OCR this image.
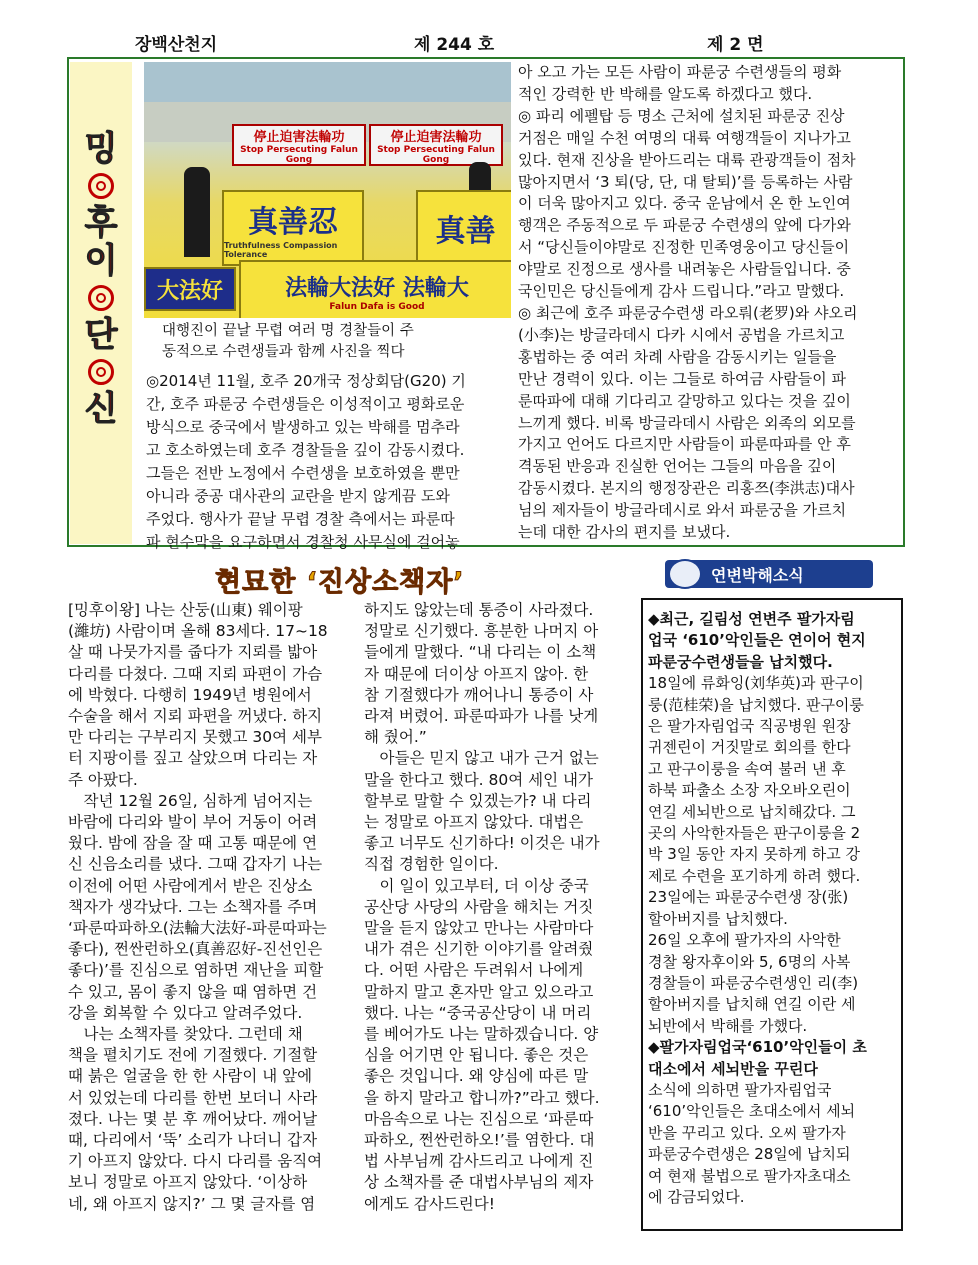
장백산천지	제 244 호	제 2 면
밍
후
이
단
신
停止迫害法輪功
Stop Persecuting Falun Gong
停止迫害法輪功
Stop Persecuting Falun Gong
真善忍
Truthfulness Compassion Tolerance
真善
大法好	法輪大法好 法輪大
Falun Dafa is Good
대행진이 끝날 무렵 여러 명 경찰들이 주
동적으로 수련생들과 함께 사진을 찍다

◎2014년 11월, 호주 20개국 정상회담(G20) 기

간, 호주 파룬궁 수련생들은 이성적이고 평화로운

방식으로 중국에서 발생하고 있는 박해를 멈추라

고 호소하였는데 호주 경찰들을 깊이 감동시켰다.

그들은 전반 노정에서 수련생을 보호하였을 뿐만

아니라 중공 대사관의 교란을 받지 않게끔 도와

주었다. 행사가 끝날 무렵 경찰 측에서는 파룬따

파 현수막을 요구하면서 경찰청 사무실에 걸어놓

아 오고 가는 모든 사람이 파룬궁 수련생들의 평화

적인 강력한 반 박해를 알도록 하겠다고 했다.

◎ 파리 에펠탑 등 명소 근처에 설치된 파룬궁 진상

거점은 매일 수천 여명의 대륙 여행객들이 지나가고

있다. 현재 진상을 받아드리는 대륙 관광객들이 점차

많아지면서 ‘3 퇴(당, 단, 대 탈퇴)’를 등록하는 사람

이 더욱 많아지고 있다. 중국 운남에서 온 한 노인여

행객은 주동적으로 두 파룬궁 수련생의 앞에 다가와

서 “당신들이야말로 진정한 민족영웅이고 당신들이

야말로 진정으로 생사를 내려놓은 사람들입니다. 중

국인민은 당신들에게 감사 드립니다.”라고 말했다.

◎ 최근에 호주 파룬궁수련생 라오뤄(老罗)와 샤오리

(小李)는 방글라데시 다카 시에서 공법을 가르치고

홍법하는 중 여러 차례 사람을 감동시키는 일들을

만난 경력이 있다. 이는 그들로 하여금 사람들이 파

룬따파에 대해 기다리고 갈망하고 있다는 것을 깊이

느끼게 했다. 비록 방글라데시 사람은 외족의 외모를

가지고 언어도 다르지만 사람들이 파룬따파를 안 후

격동된 반응과 진실한 언어는 그들의 마음을 깊이

감동시켰다. 본지의 행정장관은 리홍쯔(李洪志)대사

님의 제자들이 방글라데시로 와서 파룬궁을 가르치

는데 대한 감사의 편지를 보냈다.

현묘한 ‘진상소책자’	연변박해소식

[밍후이왕] 나는 산둥(山東) 웨이팡

(濰坊) 사람이며 올해 83세다. 17~18

살 때 나뭇가지를 줍다가 지뢰를 밟아

다리를 다쳤다. 그때 지뢰 파편이 가슴

에 박혔다. 다행히 1949년 병원에서

수술을 해서 지뢰 파편을 꺼냈다. 하지

만 다리는 구부리지 못했고 30여 세부

터 지팡이를 짚고 살았으며 다리는 자

주 아팠다.

　작년 12월 26일, 심하게 넘어지는

바람에 다리와 발이 부어 거동이 어려

웠다. 밤에 잠을 잘 때 고통 때문에 연

신 신음소리를 냈다. 그때 갑자기 나는

이전에 어떤 사람에게서 받은 진상소

책자가 생각났다. 그는 소책자를 주며

‘파룬따파하오(法輪大法好-파룬따파는

좋다), 쩐싼런하오(真善忍好-진선인은

좋다)’를 진심으로 염하면 재난을 피할

수 있고, 몸이 좋지 않을 때 염하면 건

강을 회복할 수 있다고 알려주었다.

　나는 소책자를 찾았다. 그런데 채

책을 펼치기도 전에 기절했다. 기절할

때 붉은 얼굴을 한 한 사람이 내 앞에

서 있었는데 다리를 한번 보더니 사라

졌다. 나는 몇 분 후 깨어났다. 깨어날

때, 다리에서 ‘뚝’ 소리가 나더니 갑자

기 아프지 않았다. 다시 다리를 움직여

보니 정말로 아프지 않았다. ‘이상하

네, 왜 아프지 않지?’ 그 몇 글자를 염

하지도 않았는데 통증이 사라졌다.

정말로 신기했다. 흥분한 나머지 아

들에게 말했다. “내 다리는 이 소책

자 때문에 더이상 아프지 않아. 한

참 기절했다가 깨어나니 통증이 사

라져 버렸어. 파룬따파가 나를 낫게

해 줬어.”

　아들은 믿지 않고 내가 근거 없는

말을 한다고 했다. 80여 세인 내가

할부로 말할 수 있겠는가? 내 다리

는 정말로 아프지 않았다. 대법은

좋고 너무도 신기하다! 이것은 내가

직접 경험한 일이다.

　이 일이 있고부터, 더 이상 중국

공산당 사당의 사람을 해치는 거짓

말을 듣지 않았고 만나는 사람마다

내가 겪은 신기한 이야기를 알려줬

다. 어떤 사람은 두려워서 나에게

말하지 말고 혼자만 알고 있으라고

했다. 나는 “중국공산당이 내 머리

를 베어가도 나는 말하겠습니다. 양

심을 어기면 안 됩니다. 좋은 것은

좋은 것입니다. 왜 양심에 따른 말

을 하지 말라고 합니까?”라고 했다.

마음속으로 나는 진심으로 ‘파룬따

파하오, 쩐싼런하오!’를 염한다. 대

법 사부님께 감사드리고 나에게 진

상 소책자를 준 대법사부님의 제자

에게도 감사드린다!

◆최근, 길림성 연변주 팔가자림

업국 ‘610’악인들은 연이어 현지

파룬궁수련생들을 납치했다.

18일에 류화잉(刘华英)과 판구이

룽(范桂荣)을 납치했다. 판구이룽

은 팔가자림업국 직공병원 원장

귀젠린이 거짓말로 회의를 한다

고 판구이룽을 속여 불러 낸 후

하북 파출소 소장 자오바오린이

연길 세뇌반으로 납치해갔다. 그

곳의 사악한자들은 판구이룽을 2

박 3일 동안 자지 못하게 하고 강

제로 수련을 포기하게 하려 했다.

23일에는 파룬궁수련생 장(张)

할아버지를 납치했다.

26일 오후에 팔가자의 사악한

경찰 왕자후이와 5, 6명의 사복

경찰들이 파룬궁수련생인 리(李)

할아버지를 납치해 연길 이란 세

뇌반에서 박해를 가했다.

◆팔가자림업국‘610’악인들이 초

대소에서 세뇌반을 꾸린다

소식에 의하면 팔가자림업국

‘610’악인들은 초대소에서 세뇌

반을 꾸리고 있다. 오씨 팔가자

파룬궁수련생은 28일에 납치되

여 현재 불법으로 팔가자초대소

에 감금되었다.
